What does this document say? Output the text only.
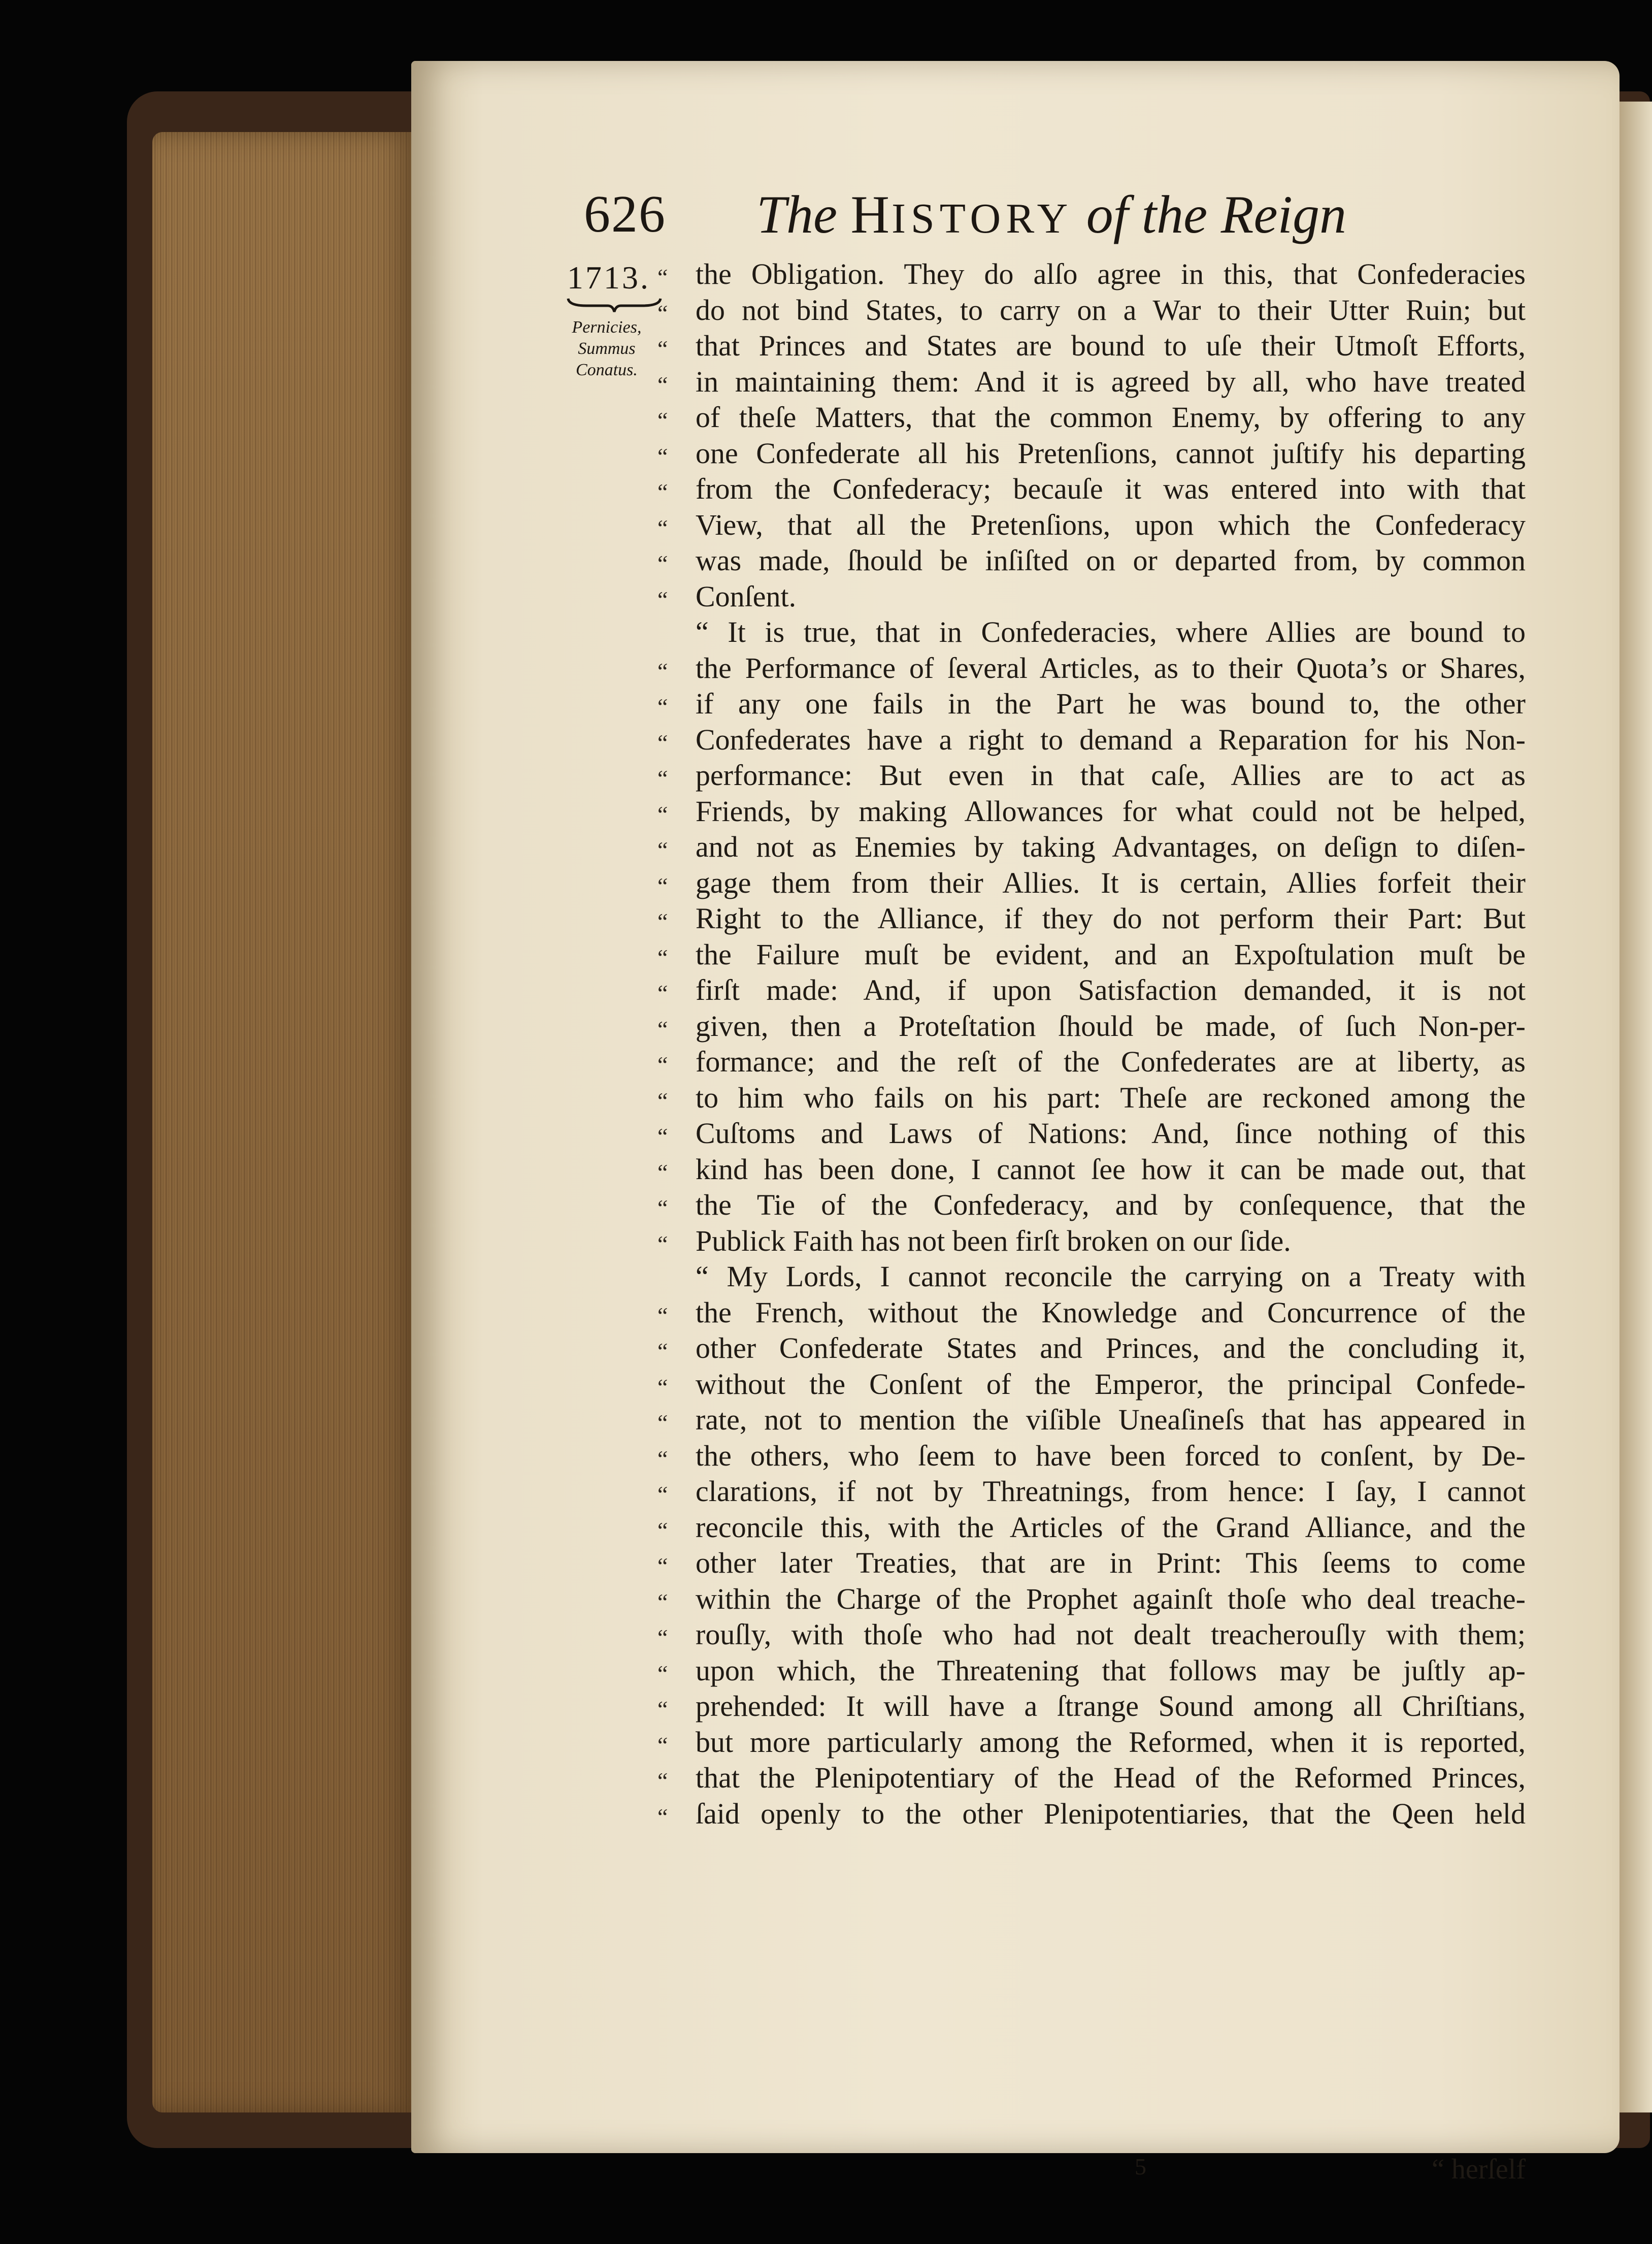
626 The HISTORY of the Reign
1713.
Pernicies,
Summus
Conatus.
“ the Obligation. They do alſo agree in this, that Confederacies
“ do not bind States, to carry on a War to their Utter Ruin; but
“ that Princes and States are bound to uſe their Utmoſt Efforts,
“ in maintaining them: And it is agreed by all, who have treated
“ of theſe Matters, that the common Enemy, by offering to any
“ one Confederate all his Pretenſions, cannot juſtify his departing
“ from the Confederacy; becauſe it was entered into with that
“ View, that all the Pretenſions, upon which the Confederacy
“ was made, ſhould be inſiſted on or departed from, by common
“ Conſent.
“ It is true, that in Confederacies, where Allies are bound to
“ the Performance of ſeveral Articles, as to their Quota’s or Shares,
“ if any one fails in the Part he was bound to, the other
“ Confederates have a right to demand a Reparation for his Non-
“ performance: But even in that caſe, Allies are to act as
“ Friends, by making Allowances for what could not be helped,
“ and not as Enemies by taking Advantages, on deſign to diſen-
“ gage them from their Allies. It is certain, Allies forfeit their
“ Right to the Alliance, if they do not perform their Part: But
“ the Failure muſt be evident, and an Expoſtulation muſt be
“ firſt made: And, if upon Satisfaction demanded, it is not
“ given, then a Proteſtation ſhould be made, of ſuch Non-per-
“ formance; and the reſt of the Confederates are at liberty, as
“ to him who fails on his part: Theſe are reckoned among the
“ Cuſtoms and Laws of Nations: And, ſince nothing of this
“ kind has been done, I cannot ſee how it can be made out, that
“ the Tie of the Confederacy, and by conſequence, that the
“ Publick Faith has not been firſt broken on our ſide.
“ My Lords, I cannot reconcile the carrying on a Treaty with
“ the French, without the Knowledge and Concurrence of the
“ other Confederate States and Princes, and the concluding it,
“ without the Conſent of the Emperor, the principal Confede-
“ rate, not to mention the viſible Uneaſineſs that has appeared in
“ the others, who ſeem to have been forced to conſent, by De-
“ clarations, if not by Threatnings, from hence: I ſay, I cannot
“ reconcile this, with the Articles of the Grand Alliance, and the
“ other later Treaties, that are in Print: This ſeems to come
“ within the Charge of the Prophet againſt thoſe who deal treache-
“ rouſly, with thoſe who had not dealt treacherouſly with them;
“ upon which, the Threatening that follows may be juſtly ap-
“ prehended: It will have a ſtrange Sound among all Chriſtians,
“ but more particularly among the Reformed, when it is reported,
“ that the Plenipotentiary of the Head of the Reformed Princes,
“ ſaid openly to the other Plenipotentiaries, that the Qeen held
5	“ herſelf
